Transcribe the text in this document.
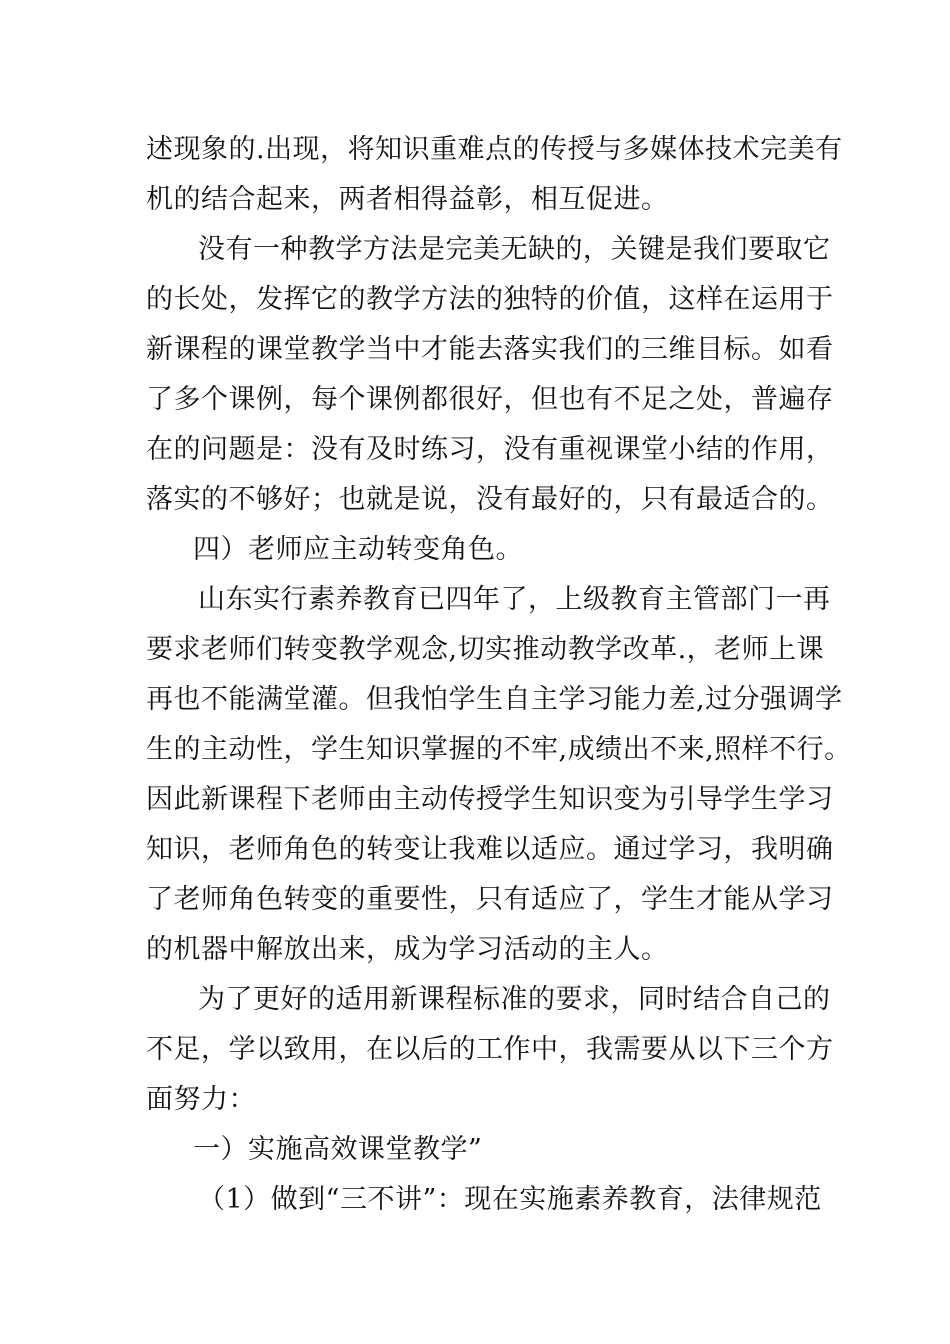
述现象的.出现，将知识重难点的传授与多媒体技术完美有
机的结合起来，两者相得益彰，相互促进。
没有一种教学方法是完美无缺的，关键是我们要取它
的长处，发挥它的教学方法的独特的价值，这样在运用于
新课程的课堂教学当中才能去落实我们的三维目标。如看
了多个课例，每个课例都很好，但也有不足之处，普遍存
在的问题是：没有及时练习，没有重视课堂小结的作用，
落实的不够好；也就是说，没有最好的，只有最适合的。
四）老师应主动转变角色。
山东实行素养教育已四年了，上级教育主管部门一再
要求老师们转变教学观念,切实推动教学改革.，老师上课
再也不能满堂灌。但我怕学生自主学习能力差,过分强调学
生的主动性，学生知识掌握的不牢,成绩出不来,照样不行。
因此新课程下老师由主动传授学生知识变为引导学生学习
知识，老师角色的转变让我难以适应。通过学习，我明确
了老师角色转变的重要性，只有适应了，学生才能从学习
的机器中解放出来，成为学习活动的主人。
为了更好的适用新课程标准的要求，同时结合自己的
不足，学以致用，在以后的工作中，我需要从以下三个方
面努力：
一）实施高效课堂教学”
（1）做到“三不讲”：现在实施素养教育，法律规范
